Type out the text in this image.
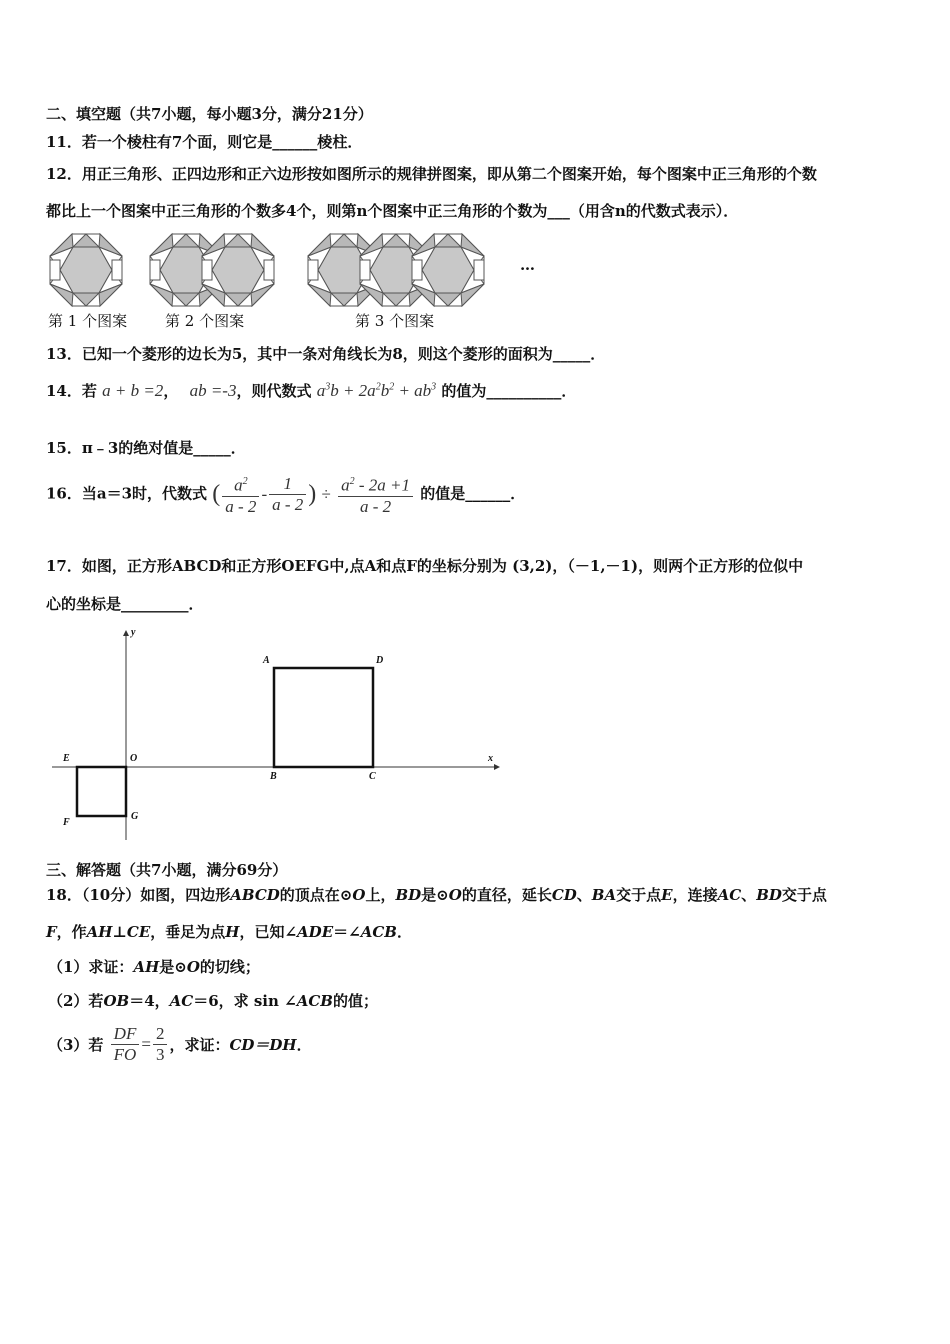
二、填空题（共7小题，每小题3分，满分21分）
11．若一个棱柱有7个面，则它是______棱柱．
12．用正三角形、正四边形和正六边形按如图所示的规律拼图案，即从第二个图案开始，每个图案中正三角形的个数
都比上一个图案中正三角形的个数多4个，则第n个图案中正三角形的个数为___（用含n的代数式表示）．
…
第 1 个图案	第 2 个图案	第 3 个图案
13．已知一个菱形的边长为5，其中一条对角线长为8，则这个菱形的面积为_____．
14．若 a + b =2， ab =-3，则代数式 $a^3b + 2a^2b^2 + ab^3$ 的值为__________．
15．π﹣3的绝对值是_____．
16．当a＝3时，代数式 ( $\frac{a^2}{a - 2} - \frac{1}{a - 2}$ ) ÷ $\frac{a^2 - 2a +1}{a - 2}$ 的值是______．
17．如图，正方形ABCD和正方形OEFG中,点A和点F的坐标分别为 (3,2)，（－1,－1)，则两个正方形的位似中
心的坐标是_________．
y
x
A	D
B	C
E	O
F
G
三、解答题（共7小题，满分69分）
18．（10分）如图，四边形ABCD的顶点在⊙O上，BD是⊙O的直径，延长CD、BA交于点E，连接AC、BD交于点
F，作AH⊥CE，垂足为点H，已知∠ADE＝∠ACB．
（1）求证：AH是⊙O的切线；
（2）若OB＝4，AC＝6，求 sin ∠ACB的值；
（3）若 $\frac{DF}{FO} = \frac{2}{3}$ ，求证：CD＝DH．
